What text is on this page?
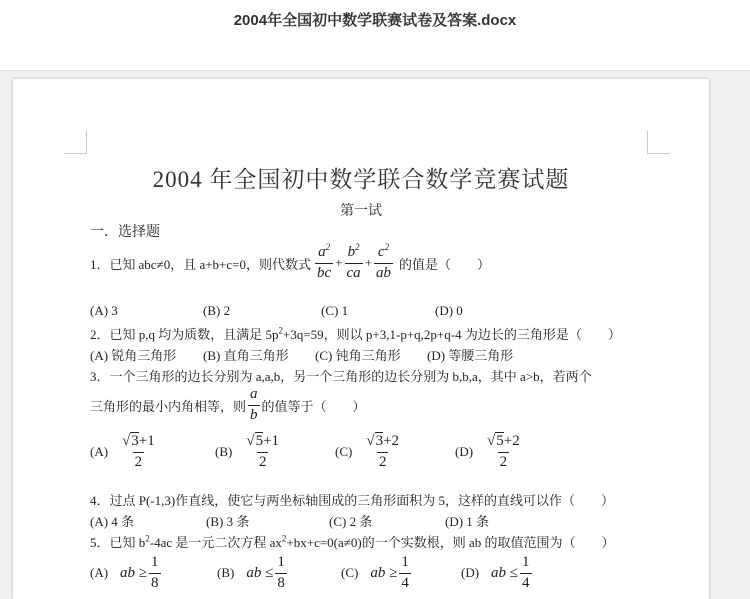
2004年全国初中数学联赛试卷及答案.docx
2004 年全国初中数学联合数学竞赛试题
第一试
一．选择题
1．已知 abc≠0，且 a+b+c=0，则代数式 $\frac{a^2}{bc} + \frac{b^2}{ca} + \frac{c^2}{ab}$ 的值是（　　）
(A) 3	(B) 2	(C) 1	(D) 0
2．已知 p,q 均为质数，且满足 $5p^2+3q=59$，则以 p+3,1-p+q,2p+q-4 为边长的三角形是（　　）
(A) 锐角三角形 (B) 直角三角形 (C) 钝角三角形 (D) 等腰三角形
3．一个三角形的边长分别为 a,a,b，另一个三角形的边长分别为 b,b,a，其中 a>b，若两个
三角形的最小内角相等，则 $\frac{a}{b}$ 的值等于（　　）
$(A) \frac{√3+1}{2}$	$(B) \frac{√5+1}{2}$	$(C) \frac{√3+2}{2}$	$(D) \frac{√5+2}{2}$
4．过点 P(-1,3)作直线，使它与两坐标轴围成的三角形面积为 5，这样的直线可以作（　　）
(A) 4 条	(B) 3 条	(C) 2 条	(D) 1 条
5．已知 $b^2-4ac$ 是一元二次方程 $ax^2+bx+c=0(a\ne 0)$的一个实数根，则 ab 的取值范围为（　　）
(A) ab ≥ $\frac{1}{8}$	(B) ab ≤ $\frac{1}{8}$	(C) ab ≥ $\frac{1}{4}$	(D) ab ≤ $\frac{1}{4}$
